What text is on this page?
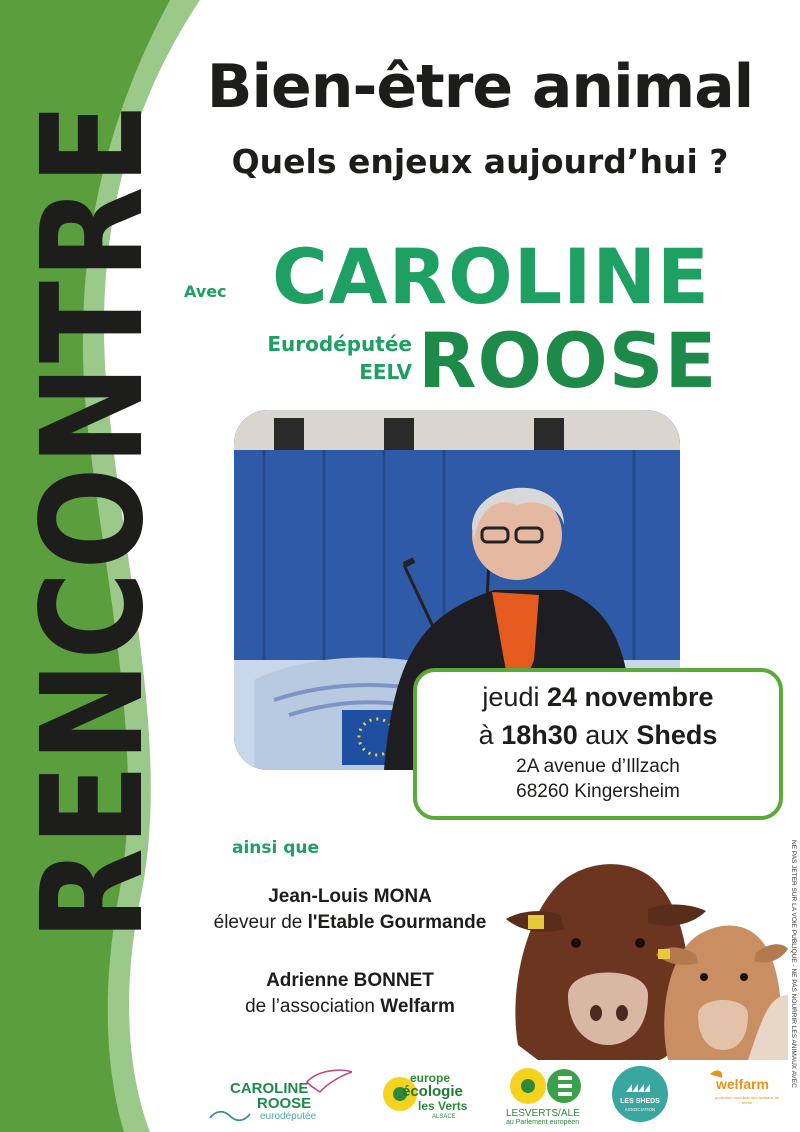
RENCONTRE
Bien-être animal
Quels enjeux aujourd’hui ?
Avec CAROLINE
Eurodéputée
EELV ROOSE
jeudi 24 novembre
à 18h30 aux Sheds
2A avenue d’Illzach
68260 Kingersheim
NE PAS JETER SUR LA VOIE PUBLIQUE - NE PAS NOURRIR LES ANIMAUX AVEC
ainsi que
Jean-Louis MONA
éleveur de l'Etable Gourmande
Adrienne BONNET
de l’association Welfarm
CAROLINE
ROOSE
eurodéputée
europe
écologie
les Verts
ALSACE	LESVERTS/ALE
au Parlement européen
LES SHEDS
ASSOCIATION
welfarm
protection mondiale des animaux de ferme
